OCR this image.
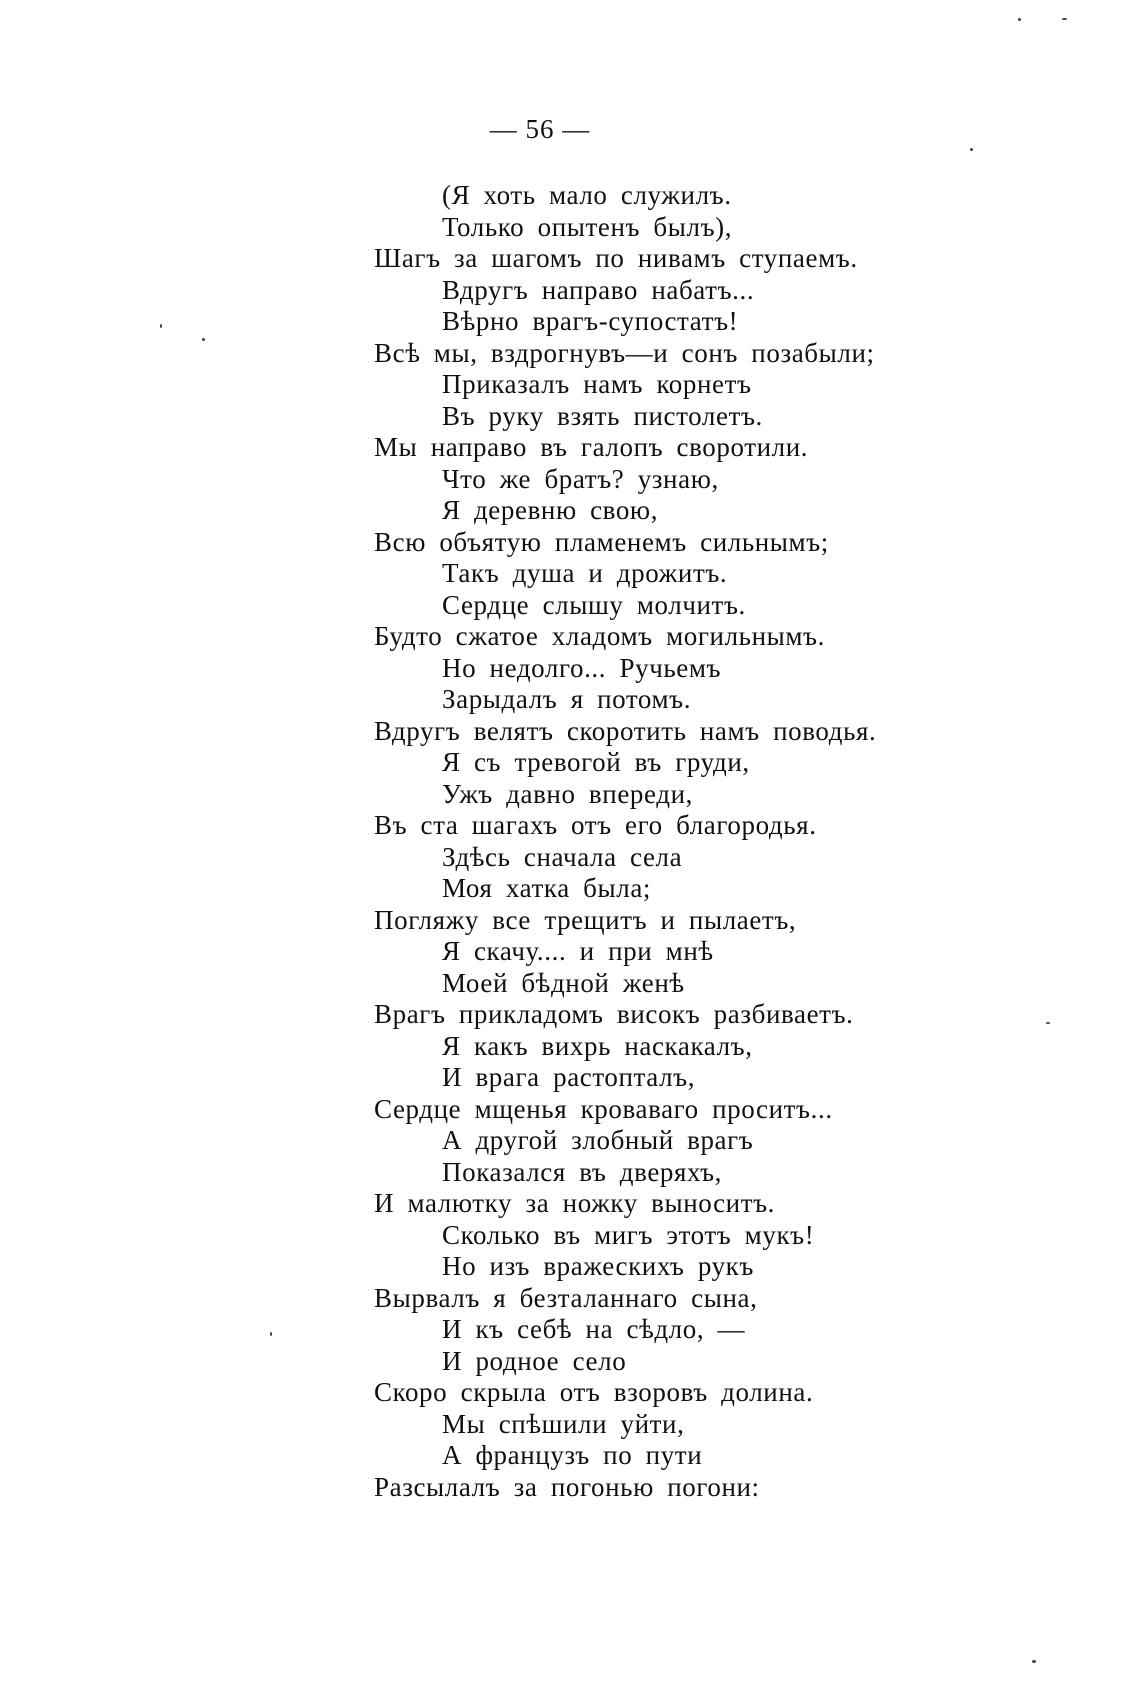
— 56 —
(Я хоть мало служилъ.
Только опытенъ былъ),
Шагъ за шагомъ по нивамъ ступаемъ.
Вдругъ направо набатъ...
Вѣрно врагъ-супостатъ!
Всѣ мы, вздрогнувъ—и сонъ позабыли;
Приказалъ намъ корнетъ
Въ руку взять пистолетъ.
Мы направо въ галопъ своротили.
Что же братъ? узнаю,
Я деревню свою,
Всю объятую пламенемъ сильнымъ;
Такъ душа и дрожитъ.
Сердце слышу молчитъ.
Будто сжатое хладомъ могильнымъ.
Но недолго... Ручьемъ
Зарыдалъ я потомъ.
Вдругъ велятъ скоротить намъ поводья.
Я съ тревогой въ груди,
Ужъ давно впереди,
Въ ста шагахъ отъ его благородья.
Здѣсь сначала села
Моя хатка была;
Погляжу все трещитъ и пылаетъ,
Я скачу.... и при мнѣ
Моей бѣдной женѣ
Врагъ прикладомъ високъ разбиваетъ.
Я какъ вихрь наскакалъ,
И врага растопталъ,
Сердце мщенья кроваваго проситъ...
А другой злобный врагъ
Показался въ дверяхъ,
И малютку за ножку выноситъ.
Сколько въ мигъ этотъ мукъ!
Но изъ вражескихъ рукъ
Вырвалъ я безталаннаго сына,
И къ себѣ на сѣдло, —
И родное село
Скоро скрыла отъ взоровъ долина.
Мы спѣшили уйти,
А французъ по пути
Разсылалъ за погонью погони:
